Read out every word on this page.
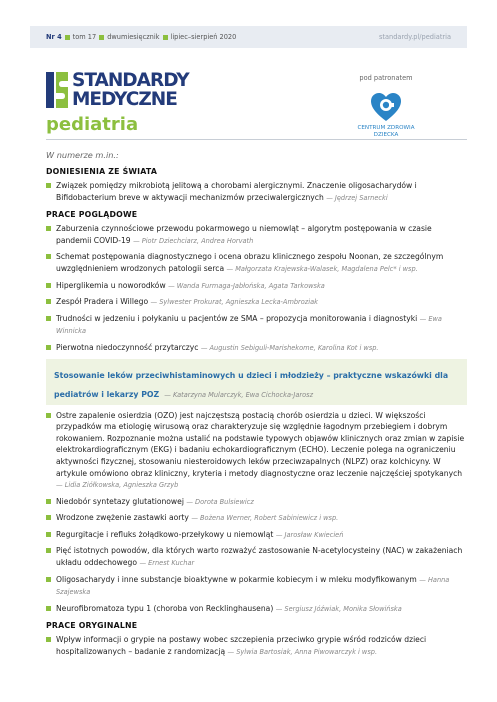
Nr 4 tom 17 dwumiesięcznik lipiec–sierpień 2020	standardy.pl/pediatria
STANDARDY
MEDYCZNE
pediatria
pod patronatem
CENTRUM ZDROWIA DZIECKA
W numerze m.in.:
DONIESIENIA ZE ŚWIATA
Związek pomiędzy mikrobiotą jelitową a chorobami alergicznymi. Znaczenie oligosacharydów i Bifidobacterium breve w aktywacji mechanizmów przeciwalergicznych — Jędrzej Sarnecki
PRACE POGLĄDOWE
Zaburzenia czynnościowe przewodu pokarmowego u niemowląt – algorytm postępowania w czasie pandemii COVID-19 — Piotr Dziechciarz, Andrea Horvath
Schemat postępowania diagnostycznego i ocena obrazu klinicznego zespołu Noonan, ze szczególnym uwzględnieniem wrodzonych patologii serca — Małgorzata Krajewska-Walasek, Magdalena Pelc* i wsp.
Hiperglikemia u noworodków — Wanda Furmaga-Jabłońska, Agata Tarkowska
Zespół Pradera i Willego — Sylwester Prokurat, Agnieszka Lecka-Ambroziak
Trudności w jedzeniu i połykaniu u pacjentów ze SMA – propozycja monitorowania i diagnostyki — Ewa Winnicka
Pierwotna niedoczynność przytarczyc — Augustin Sebiguli-Marishekome, Karolina Kot i wsp.
Stosowanie leków przeciwhistaminowych u dzieci i młodzieży – praktyczne wskazówki dla pediatrów i lekarzy POZ — Katarzyna Mularczyk, Ewa Cichocka-Jarosz
Ostre zapalenie osierdzia (OZO) jest najczęstszą postacią chorób osierdzia u dzieci. W większości przypadków ma etiologię wirusową oraz charakteryzuje się względnie łagodnym przebiegiem i dobrym rokowaniem. Rozpoznanie można ustalić na podstawie typowych objawów klinicznych oraz zmian w zapisie elektrokardiograficznym (EKG) i badaniu echokardiograficznym (ECHO). Leczenie polega na ograniczeniu aktywności fizycznej, stosowaniu niesteroidowych leków przeciwzapalnych (NLPZ) oraz kolchicyny. W artykule omówiono obraz kliniczny, kryteria i metody diagnostyczne oraz leczenie najczęściej spotykanych — Lidia Ziółkowska, Agnieszka Grzyb
Niedobór syntetazy glutationowej — Dorota Bulsiewicz
Wrodzone zwężenie zastawki aorty — Bożena Werner, Robert Sabiniewicz i wsp.
Regurgitacje i refluks żołądkowo-przełykowy u niemowląt — Jarosław Kwiecień
Pięć istotnych powodów, dla których warto rozważyć zastosowanie N-acetylocysteiny (NAC) w zakażeniach układu oddechowego — Ernest Kuchar
Oligosacharydy i inne substancje bioaktywne w pokarmie kobiecym i w mleku modyfikowanym — Hanna Szajewska
Neurofibromatoza typu 1 (choroba von Recklinghausena) — Sergiusz Jóźwiak, Monika Słowińska
PRACE ORYGINALNE
Wpływ informacji o grypie na postawy wobec szczepienia przeciwko grypie wśród rodziców dzieci hospitalizowanych – badanie z randomizacją — Sylwia Bartosiak, Anna Piwowarczyk i wsp.
